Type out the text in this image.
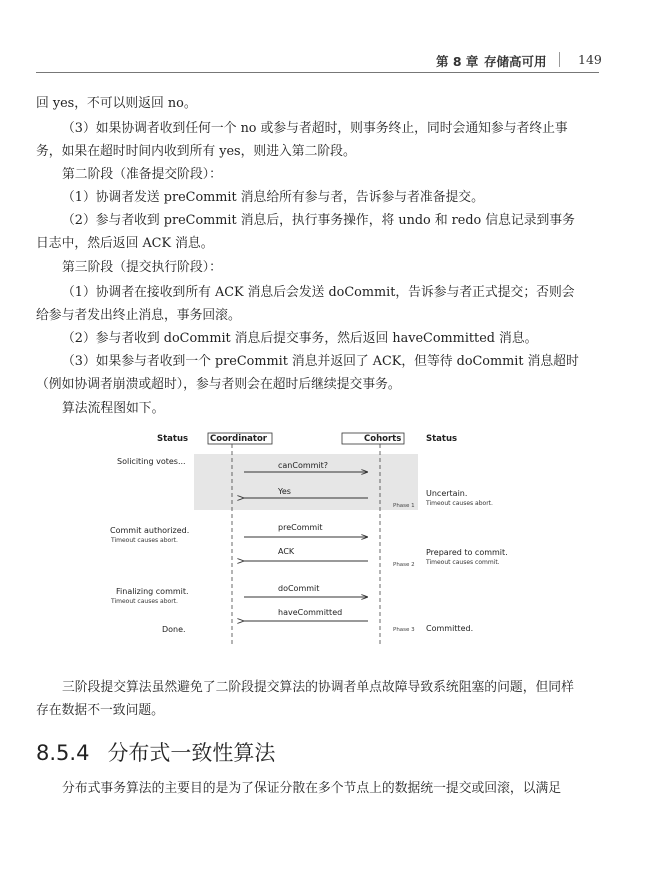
第 8 章 存储高可用	149
回 yes，不可以则返回 no。
（3）如果协调者收到任何一个 no 或参与者超时，则事务终止，同时会通知参与者终止事务，如果在超时时间内收到所有 yes，则进入第二阶段。
第二阶段（准备提交阶段）：
（1）协调者发送 preCommit 消息给所有参与者，告诉参与者准备提交。
（2）参与者收到 preCommit 消息后，执行事务操作，将 undo 和 redo 信息记录到事务日志中，然后返回 ACK 消息。
第三阶段（提交执行阶段）：
（1）协调者在接收到所有 ACK 消息后会发送 doCommit，告诉参与者正式提交；否则会给参与者发出终止消息，事务回滚。
（2）参与者收到 doCommit 消息后提交事务，然后返回 haveCommitted 消息。
（3）如果参与者收到一个 preCommit 消息并返回了 ACK，但等待 doCommit 消息超时（例如协调者崩溃或超时），参与者则会在超时后继续提交事务。
算法流程图如下。
Status	Coordinator	Cohorts	Status
Soliciting votes...	canCommit?
Yes
Phase 1
Uncertain.
Timeout causes abort.
Commit authorized.
Timeout causes abort.
preCommit
ACK
Phase 2
Prepared to commit.
Timeout causes commit.
Finalizing commit.
Timeout causes abort.
doCommit
haveCommitted
Done.	Phase 3 Committed.
三阶段提交算法虽然避免了二阶段提交算法的协调者单点故障导致系统阻塞的问题，但同样存在数据不一致问题。
8.5.4 分布式一致性算法
分布式事务算法的主要目的是为了保证分散在多个节点上的数据统一提交或回滚，以满足
